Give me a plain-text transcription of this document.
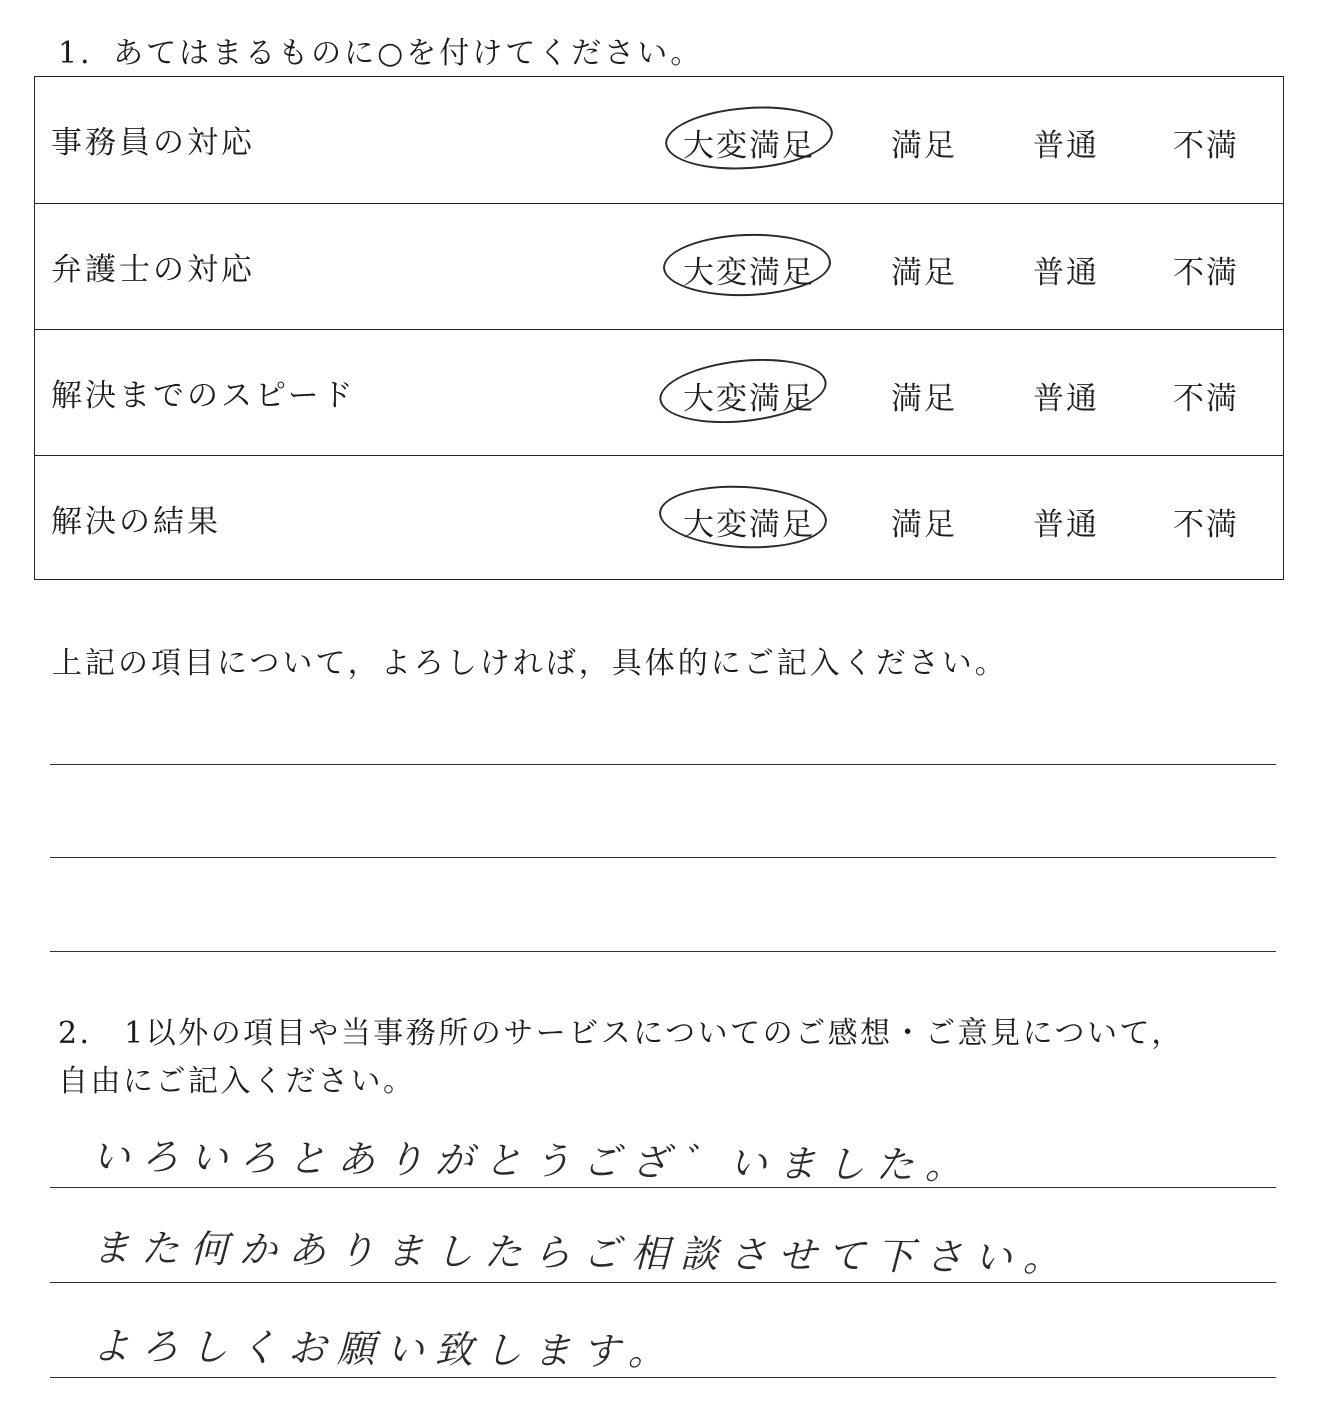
1．あてはまるものに○を付けてください。
事務員の対応	大変満足 満足 普通 不満
弁護士の対応	大変満足 満足 普通 不満
解決までのスピード	大変満足 満足 普通 不満
解決の結果	大変満足 満足 普通 不満
上記の項目について，よろしければ，具体的にご記入ください。
2． 1以外の項目や当事務所のサービスについてのご感想・ご意見について，
自由にご記入ください。
いろいろとありがとうござ゛いました。
また何かありましたらご相談させて下さい。
よろしくお願い致します。
